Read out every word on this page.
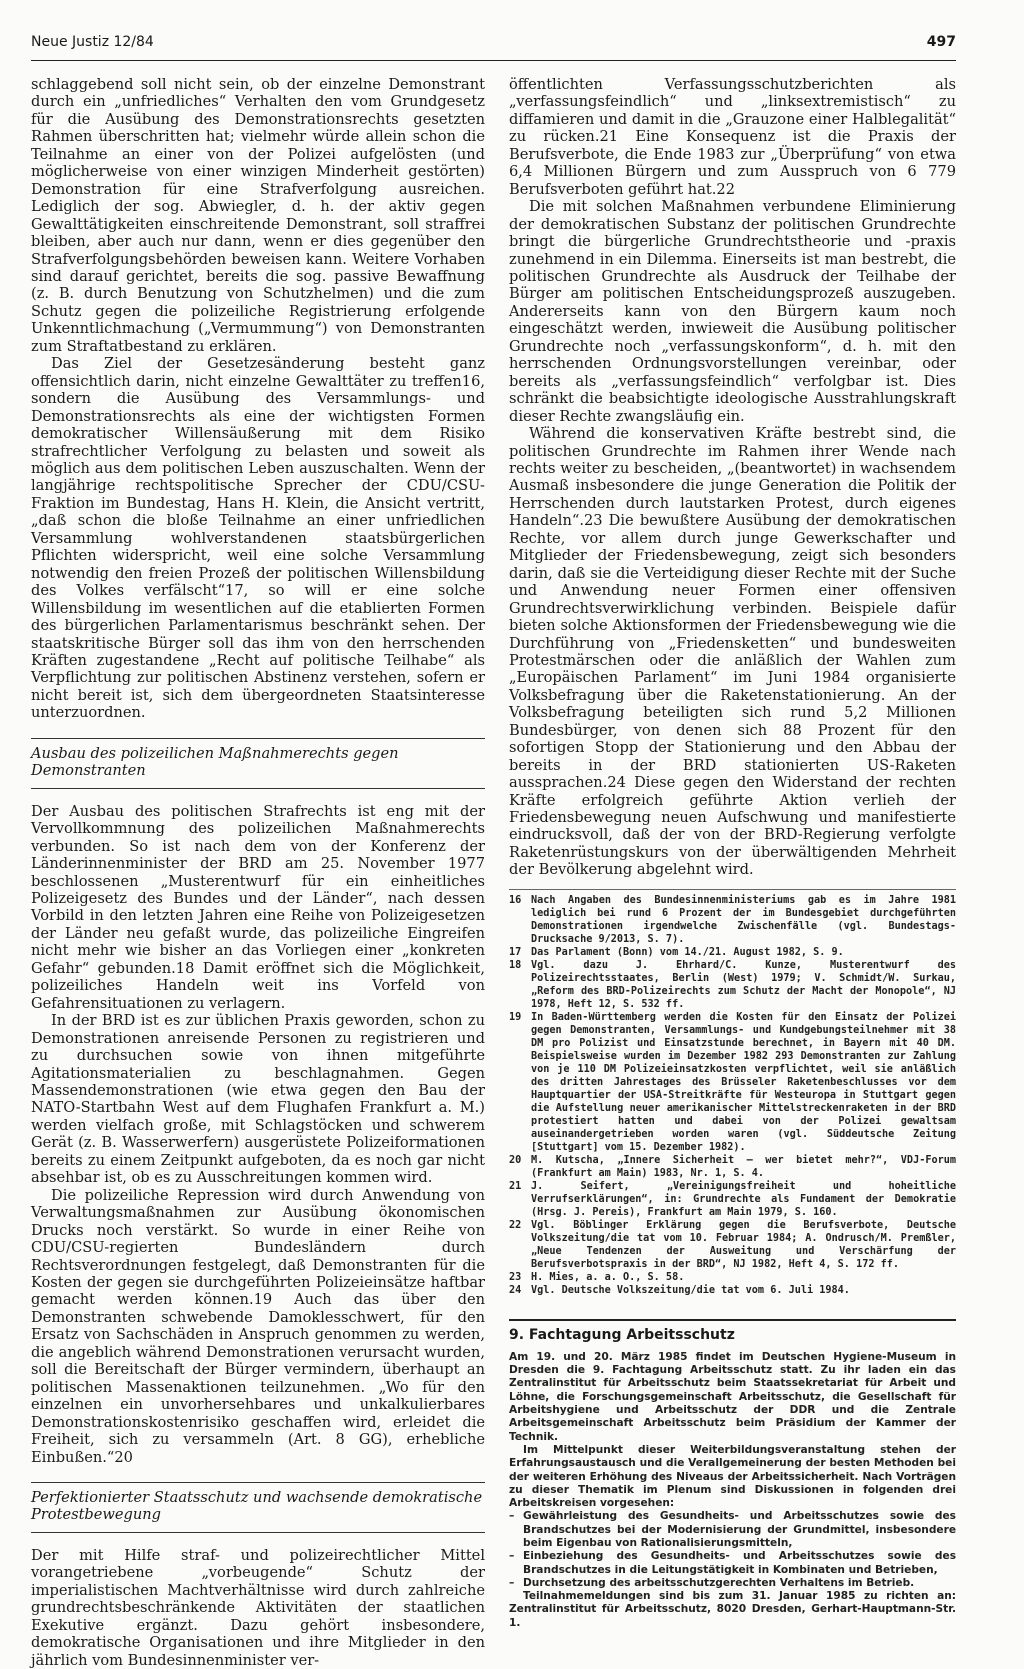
Neue Justiz 12/84	497

schlaggebend soll nicht sein, ob der einzelne Demonstrant durch ein „unfriedliches“ Verhalten den vom Grundgesetz für die Ausübung des Demonstrationsrechts gesetzten Rahmen überschritten hat; vielmehr würde allein schon die Teilnahme an einer von der Polizei aufgelösten (und möglicherweise von einer winzigen Minderheit gestörten) Demonstration für eine Strafverfolgung ausreichen. Lediglich der sog. Abwiegler, d. h. der aktiv gegen Gewalttätigkeiten einschreitende Demonstrant, soll straffrei bleiben, aber auch nur dann, wenn er dies gegenüber den Strafverfolgungsbehörden beweisen kann. Weitere Vorhaben sind darauf gerichtet, bereits die sog. passive Bewaffnung (z. B. durch Benutzung von Schutzhelmen) und die zum Schutz gegen die polizeiliche Registrierung erfolgende Unkenntlichmachung („Vermummung“) von Demonstranten zum Straftatbestand zu erklären.

Das Ziel der Gesetzesänderung besteht ganz offensichtlich darin, nicht einzelne Gewalttäter zu treffen16, sondern die Ausübung des Versammlungs- und Demonstrationsrechts als eine der wichtigsten Formen demokratischer Willensäußerung mit dem Risiko strafrechtlicher Verfolgung zu belasten und soweit als möglich aus dem politischen Leben auszuschalten. Wenn der langjährige rechtspolitische Sprecher der CDU/CSU-Fraktion im Bundestag, Hans H. Klein, die Ansicht vertritt, „daß schon die bloße Teilnahme an einer unfriedlichen Versammlung wohlverstandenen staatsbürgerlichen Pflichten widerspricht, weil eine solche Versammlung notwendig den freien Prozeß der politischen Willensbildung des Volkes verfälscht“17, so will er eine solche Willensbildung im wesentlichen auf die etablierten Formen des bürgerlichen Parlamentarismus beschränkt sehen. Der staatskritische Bürger soll das ihm von den herrschenden Kräften zugestandene „Recht auf politische Teilhabe“ als Verpflichtung zur politischen Abstinenz verstehen, sofern er nicht bereit ist, sich dem übergeordneten Staatsinteresse unterzuordnen.

Ausbau des polizeilichen Maßnahmerechts gegen Demonstranten

Der Ausbau des politischen Strafrechts ist eng mit der Vervollkommnung des polizeilichen Maßnahmerechts verbunden. So ist nach dem von der Konferenz der Länderinnenminister der BRD am 25. November 1977 beschlossenen „Musterentwurf für ein einheitliches Polizeigesetz des Bundes und der Länder“, nach dessen Vorbild in den letzten Jahren eine Reihe von Polizeigesetzen der Länder neu gefaßt wurde, das polizeiliche Eingreifen nicht mehr wie bisher an das Vorliegen einer „konkreten Gefahr“ gebunden.18 Damit eröffnet sich die Möglichkeit, polizeiliches Handeln weit ins Vorfeld von Gefahrensituationen zu verlagern.

In der BRD ist es zur üblichen Praxis geworden, schon zu Demonstrationen anreisende Personen zu registrieren und zu durchsuchen sowie von ihnen mitgeführte Agitationsmaterialien zu beschlagnahmen. Gegen Massendemonstrationen (wie etwa gegen den Bau der NATO-Startbahn West auf dem Flughafen Frankfurt a. M.) werden vielfach große, mit Schlagstöcken und schwerem Gerät (z. B. Wasserwerfern) ausgerüstete Polizeiformationen bereits zu einem Zeitpunkt aufgeboten, da es noch gar nicht absehbar ist, ob es zu Ausschreitungen kommen wird.

Die polizeiliche Repression wird durch Anwendung von Verwaltungsmaßnahmen zur Ausübung ökonomischen Drucks noch verstärkt. So wurde in einer Reihe von CDU/CSU-regierten Bundesländern durch Rechtsverordnungen festgelegt, daß Demonstranten für die Kosten der gegen sie durchgeführten Polizeieinsätze haftbar gemacht werden können.19 Auch das über den Demonstranten schwebende Damoklesschwert, für den Ersatz von Sachschäden in Anspruch genommen zu werden, die angeblich während Demonstrationen verursacht wurden, soll die Bereitschaft der Bürger vermindern, überhaupt an politischen Massenaktionen teilzunehmen. „Wo für den einzelnen ein unvorhersehbares und unkalkulierbares Demonstrationskostenrisiko geschaffen wird, erleidet die Freiheit, sich zu versammeln (Art. 8 GG), erhebliche Einbußen.“20

Perfektionierter Staatsschutz und wachsende demokratische Protestbewegung

Der mit Hilfe straf- und polizeirechtlicher Mittel vorangetriebene „vorbeugende“ Schutz der imperialistischen Machtverhältnisse wird durch zahlreiche grundrechtsbeschränkende Aktivitäten der staatlichen Exekutive ergänzt. Dazu gehört insbesondere, demokratische Organisationen und ihre Mitglieder in den jährlich vom Bundesinnenminister ver-

öffentlichten Verfassungsschutzberichten als „verfassungsfeindlich“ und „linksextremistisch“ zu diffamieren und damit in die „Grauzone einer Halblegalität“ zu rücken.21 Eine Konsequenz ist die Praxis der Berufsverbote, die Ende 1983 zur „Überprüfung“ von etwa 6,4 Millionen Bürgern und zum Ausspruch von 6 779 Berufsverboten geführt hat.22

Die mit solchen Maßnahmen verbundene Eliminierung der demokratischen Substanz der politischen Grundrechte bringt die bürgerliche Grundrechtstheorie und -praxis zunehmend in ein Dilemma. Einerseits ist man bestrebt, die politischen Grundrechte als Ausdruck der Teilhabe der Bürger am politischen Entscheidungsprozeß auszugeben. Andererseits kann von den Bürgern kaum noch eingeschätzt werden, inwieweit die Ausübung politischer Grundrechte noch „verfassungskonform“, d. h. mit den herrschenden Ordnungsvorstellungen vereinbar, oder bereits als „verfassungsfeindlich“ verfolgbar ist. Dies schränkt die beabsichtigte ideologische Ausstrahlungskraft dieser Rechte zwangsläufig ein.

Während die konservativen Kräfte bestrebt sind, die politischen Grundrechte im Rahmen ihrer Wende nach rechts weiter zu bescheiden, „(beantwortet) in wachsendem Ausmaß insbesondere die junge Generation die Politik der Herrschenden durch lautstarken Protest, durch eigenes Handeln“.23 Die bewußtere Ausübung der demokratischen Rechte, vor allem durch junge Gewerkschafter und Mitglieder der Friedensbewegung, zeigt sich besonders darin, daß sie die Verteidigung dieser Rechte mit der Suche und Anwendung neuer Formen einer offensiven Grundrechtsverwirklichung verbinden. Beispiele dafür bieten solche Aktionsformen der Friedensbewegung wie die Durchführung von „Friedensketten“ und bundesweiten Protestmärschen oder die anläßlich der Wahlen zum „Europäischen Parlament“ im Juni 1984 organisierte Volksbefragung über die Raketenstationierung. An der Volksbefragung beteiligten sich rund 5,2 Millionen Bundesbürger, von denen sich 88 Prozent für den sofortigen Stopp der Stationierung und den Abbau der bereits in der BRD stationierten US-Raketen aussprachen.24 Diese gegen den Widerstand der rechten Kräfte erfolgreich geführte Aktion verlieh der Friedensbewegung neuen Aufschwung und manifestierte eindrucksvoll, daß der von der BRD-Regierung verfolgte Raketenrüstungskurs von der überwältigenden Mehrheit der Bevölkerung abgelehnt wird.

16 Nach Angaben des Bundesinnenministeriums gab es im Jahre 1981 lediglich bei rund 6 Prozent der im Bundesgebiet durchgeführten Demonstrationen irgendwelche Zwischenfälle (vgl. Bundestags-Drucksache 9/2013, S. 7).
17 Das Parlament (Bonn) vom 14./21. August 1982, S. 9.
18 Vgl. dazu J. Ehrhard/C. Kunze, Musterentwurf des Polizeirechtsstaates, Berlin (West) 1979; V. Schmidt/W. Surkau, „Reform des BRD-Polizeirechts zum Schutz der Macht der Monopole“, NJ 1978, Heft 12, S. 532 ff.
19 In Baden-Württemberg werden die Kosten für den Einsatz der Polizei gegen Demonstranten, Versammlungs- und Kundgebungsteilnehmer mit 38 DM pro Polizist und Einsatzstunde berechnet, in Bayern mit 40 DM. Beispielsweise wurden im Dezember 1982 293 Demonstranten zur Zahlung von je 110 DM Polizeieinsatzkosten verpflichtet, weil sie anläßlich des dritten Jahrestages des Brüsseler Raketenbeschlusses vor dem Hauptquartier der USA-Streitkräfte für Westeuropa in Stuttgart gegen die Aufstellung neuer amerikanischer Mittelstreckenraketen in der BRD protestiert hatten und dabei von der Polizei gewaltsam auseinandergetrieben worden waren (vgl. Süddeutsche Zeitung [Stuttgart] vom 15. Dezember 1982).
20 M. Kutscha, „Innere Sicherheit – wer bietet mehr?“, VDJ-Forum (Frankfurt am Main) 1983, Nr. 1, S. 4.
21 J. Seifert, „Vereinigungsfreiheit und hoheitliche Verrufserklärungen“, in: Grundrechte als Fundament der Demokratie (Hrsg. J. Pereis), Frankfurt am Main 1979, S. 160.
22 Vgl. Böblinger Erklärung gegen die Berufsverbote, Deutsche Volkszeitung/die tat vom 10. Februar 1984; A. Ondrusch/M. Premßler, „Neue Tendenzen der Ausweitung und Verschärfung der Berufsverbotspraxis in der BRD“, NJ 1982, Heft 4, S. 172 ff.
23 H. Mies, a. a. O., S. 58.
24 Vgl. Deutsche Volkszeitung/die tat vom 6. Juli 1984.
9. Fachtagung Arbeitsschutz

Am 19. und 20. März 1985 findet im Deutschen Hygiene-Museum in Dresden die 9. Fachtagung Arbeitsschutz statt. Zu ihr laden ein das Zentralinstitut für Arbeitsschutz beim Staatssekretariat für Arbeit und Löhne, die Forschungsgemeinschaft Arbeitsschutz, die Gesellschaft für Arbeitshygiene und Arbeitsschutz der DDR und die Zentrale Arbeitsgemeinschaft Arbeitsschutz beim Präsidium der Kammer der Technik.

Im Mittelpunkt dieser Weiterbildungsveranstaltung stehen der Erfahrungsaustausch und die Verallgemeinerung der besten Methoden bei der weiteren Erhöhung des Niveaus der Arbeitssicherheit. Nach Vorträgen zu dieser Thematik im Plenum sind Diskussionen in folgenden drei Arbeitskreisen vorgesehen:

– Gewährleistung des Gesundheits- und Arbeitsschutzes sowie des Brandschutzes bei der Modernisierung der Grundmittel, insbesondere beim Eigenbau von Rationalisierungsmitteln,
– Einbeziehung des Gesundheits- und Arbeitsschutzes sowie des Brandschutzes in die Leitungstätigkeit in Kombinaten und Betrieben,
– Durchsetzung des arbeitsschutzgerechten Verhaltens im Betrieb.

Teilnahmemeldungen sind bis zum 31. Januar 1985 zu richten an: Zentralinstitut für Arbeitsschutz, 8020 Dresden, Gerhart-Hauptmann-Str. 1.
